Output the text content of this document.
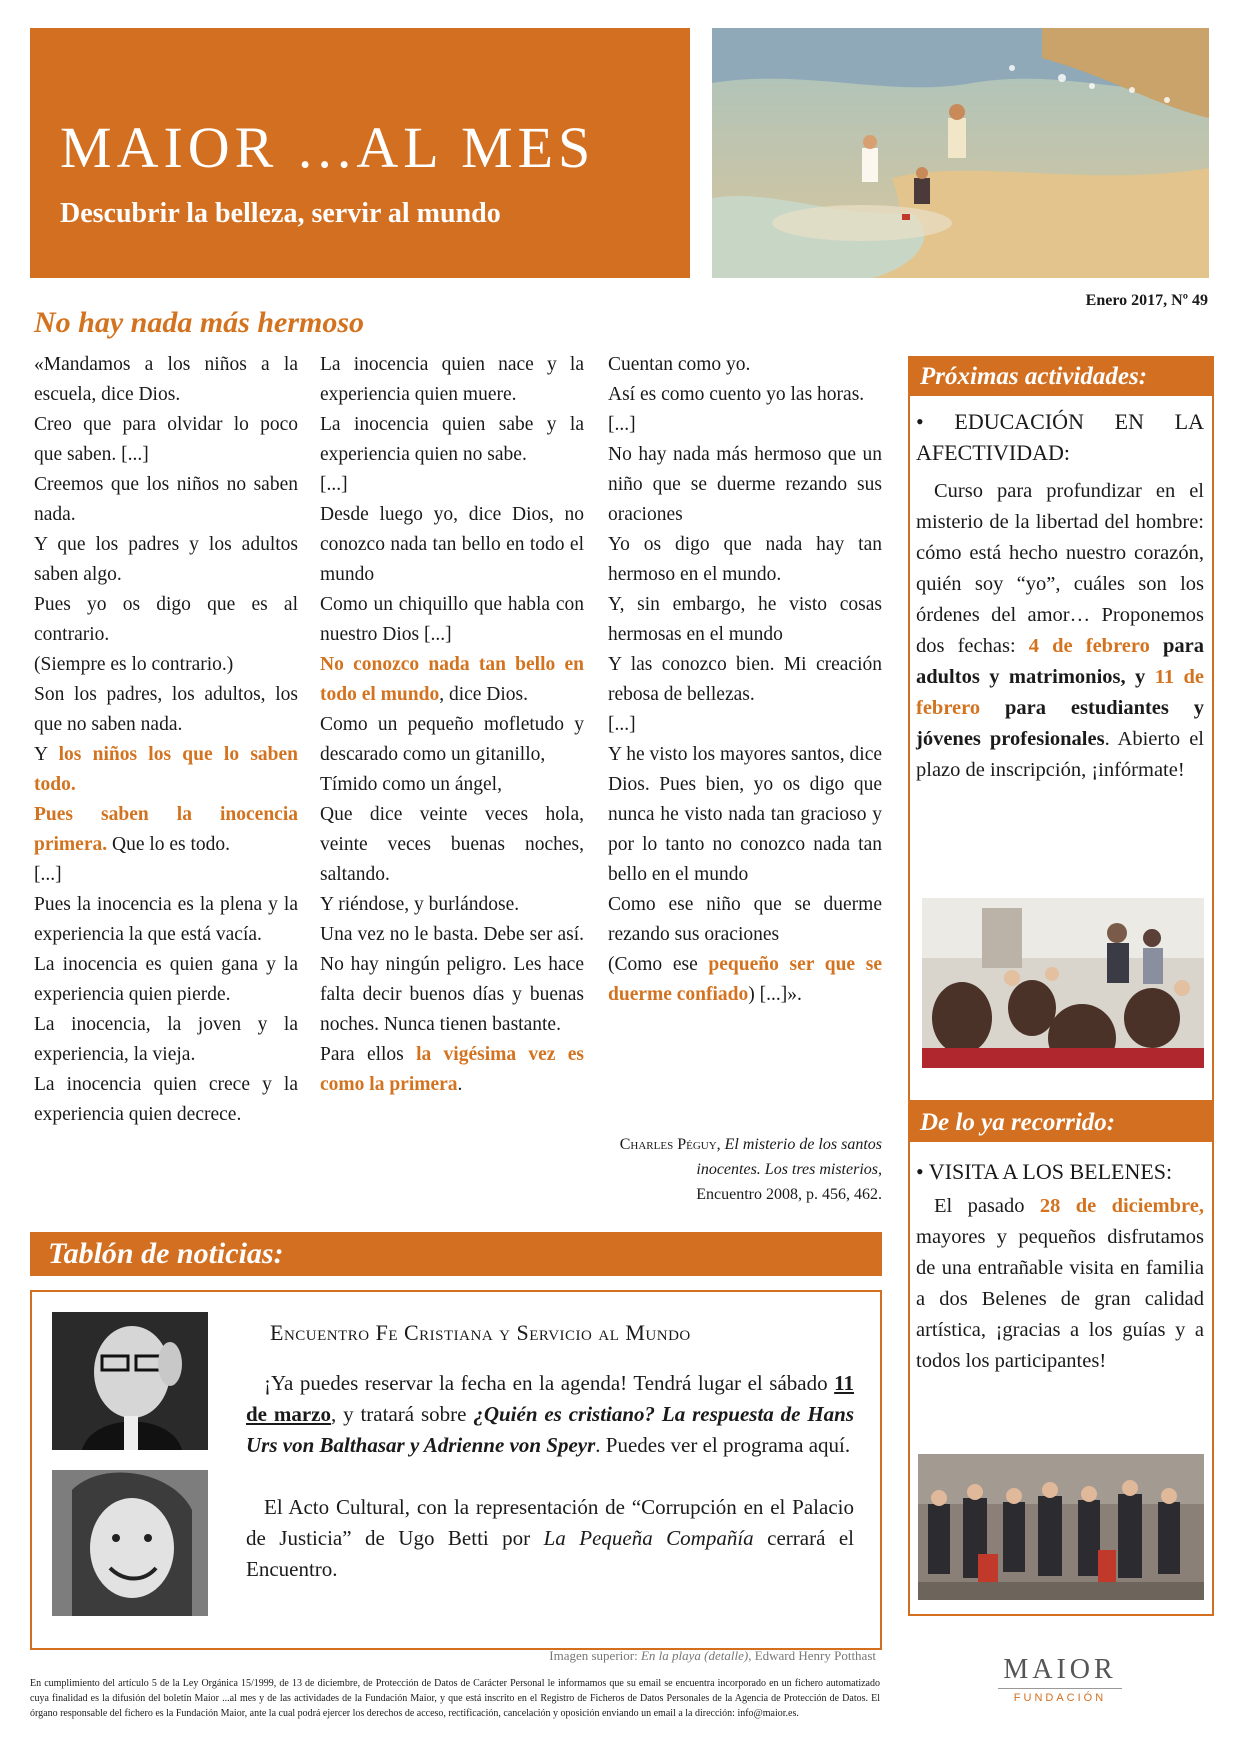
MAIOR ...AL MES
Descubrir la belleza, servir al mundo
Enero 2017, Nº 49
No hay nada más hermoso

«Mandamos a los niños a la escuela, dice Dios.

Creo que para olvidar lo poco que saben. [...]

Creemos que los niños no saben nada.

Y que los padres y los adultos saben algo.

Pues yo os digo que es al contrario.

(Siempre es lo contrario.)

Son los padres, los adultos, los que no saben nada.

Y los niños los que lo saben todo.

Pues saben la inocencia primera. Que lo es todo.

[...]

Pues la inocencia es la plena y la experiencia la que está vacía.

La inocencia es quien gana y la experiencia quien pierde.

La inocencia, la joven y la experiencia, la vieja.

La inocencia quien crece y la experiencia quien decrece.

La inocencia quien nace y la experiencia quien muere.

La inocencia quien sabe y la experiencia quien no sabe.

[...]

Desde luego yo, dice Dios, no conozco nada tan bello en todo el mundo

Como un chiquillo que habla con nuestro Dios [...]

No conozco nada tan bello en todo el mundo, dice Dios.

Como un pequeño mofletudo y descarado como un gitanillo,

Tímido como un ángel,

Que dice veinte veces hola, veinte veces buenas noches, saltando.

Y riéndose, y burlándose.

Una vez no le basta. Debe ser así. No hay ningún peligro. Les hace falta decir buenos días y buenas noches. Nunca tienen bastante.

Para ellos la vigésima vez es como la primera.

Cuentan como yo.

Así es como cuento yo las horas.

[...]

No hay nada más hermoso que un niño que se duerme rezando sus oraciones

Yo os digo que nada hay tan hermoso en el mundo.

Y, sin embargo, he visto cosas hermosas en el mundo

Y las conozco bien. Mi creación rebosa de bellezas.

[...]

Y he visto los mayores santos, dice Dios. Pues bien, yo os digo que nunca he visto nada tan gracioso y por lo tanto no conozco nada tan bello en el mundo

Como ese niño que se duerme rezando sus oraciones

(Como ese pequeño ser que se duerme confiado) [...]».

Charles Péguy, El misterio de los santos inocentes. Los tres misterios,
Encuentro 2008, p. 456, 462.
Próximas actividades:
• EDUCACIÓN EN LA AFECTIVIDAD:
Curso para profundizar en el misterio de la libertad del hombre: cómo está hecho nuestro corazón, quién soy “yo”, cuáles son los órdenes del amor… Proponemos dos fechas: 4 de febrero para adultos y matrimonios, y 11 de febrero para estudiantes y jóvenes profesionales. Abierto el plazo de inscripción, ¡infórmate!
De lo ya recorrido:
• VISITA A LOS BELENES:
El pasado 28 de diciembre, mayores y pequeños disfrutamos de una entrañable visita en familia a dos Belenes de gran calidad artística, ¡gracias a los guías y a todos los participantes!
Tablón de noticias:
Encuentro Fe Cristiana y Servicio al Mundo

¡Ya puedes reservar la fecha en la agenda! Tendrá lugar el sábado 11 de marzo, y tratará sobre ¿Quién es cristiano? La respuesta de Hans Urs von Balthasar y Adrienne von Speyr. Puedes ver el programa aquí.

El Acto Cultural, con la representación de “Corrupción en el Palacio de Justicia” de Ugo Betti por La Pequeña Compañía cerrará el Encuentro.

Imagen superior: En la playa (detalle), Edward Henry Potthast
En cumplimiento del artículo 5 de la Ley Orgánica 15/1999, de 13 de diciembre, de Protección de Datos de Carácter Personal le informamos que su email se encuentra incorporado en un fichero automatizado cuya finalidad es la difusión del boletín Maior ...al mes y de las actividades de la Fundación Maior, y que está inscrito en el Registro de Ficheros de Datos Personales de la Agencia de Protección de Datos. El órgano responsable del fichero es la Fundación Maior, ante la cual podrá ejercer los derechos de acceso, rectificación, cancelación y oposición enviando un email a la dirección: info@maior.es.
MAIOR
FUNDACIÓN
